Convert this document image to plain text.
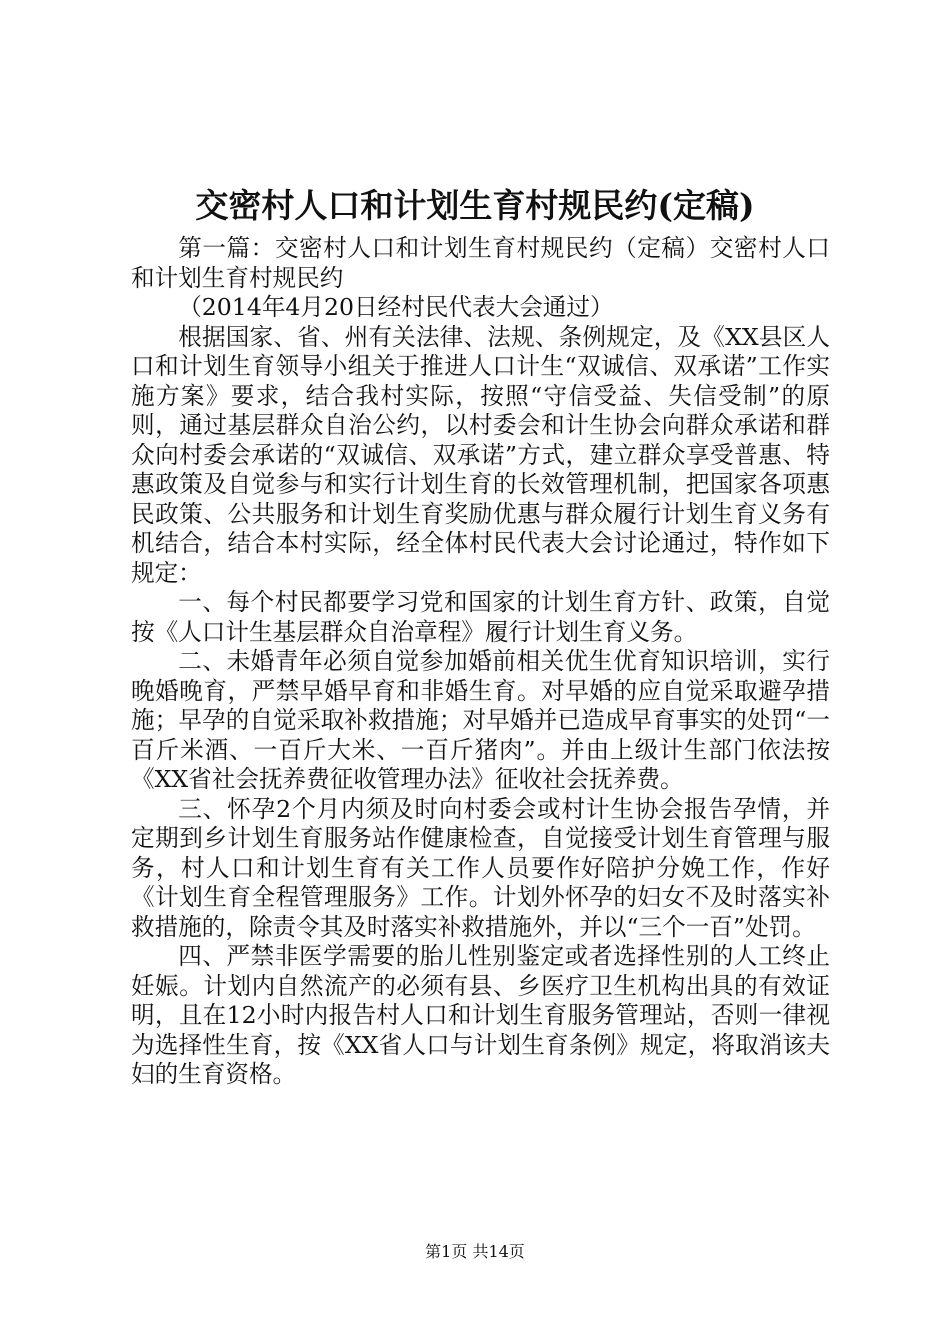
交密村人口和计划生育村规民约(定稿)

第一篇：交密村人口和计划生育村规民约（定稿）交密村人口和计划生育村规民约

（2014年4月20日经村民代表大会通过）

根据国家、省、州有关法律、法规、条例规定，及《XX县区人口和计划生育领导小组关于推进人口计生“双诚信、双承诺”工作实施方案》要求，结合我村实际，按照“守信受益、失信受制”的原则，通过基层群众自治公约，以村委会和计生协会向群众承诺和群众向村委会承诺的“双诚信、双承诺”方式，建立群众享受普惠、特惠政策及自觉参与和实行计划生育的长效管理机制，把国家各项惠民政策、公共服务和计划生育奖励优惠与群众履行计划生育义务有机结合，结合本村实际，经全体村民代表大会讨论通过，特作如下规定：

一、每个村民都要学习党和国家的计划生育方针、政策，自觉按《人口计生基层群众自治章程》履行计划生育义务。

二、未婚青年必须自觉参加婚前相关优生优育知识培训，实行晚婚晚育，严禁早婚早育和非婚生育。对早婚的应自觉采取避孕措施；早孕的自觉采取补救措施；对早婚并已造成早育事实的处罚“一百斤米酒、一百斤大米、一百斤猪肉”。并由上级计生部门依法按《XX省社会抚养费征收管理办法》征收社会抚养费。

三、怀孕2个月内须及时向村委会或村计生协会报告孕情，并定期到乡计划生育服务站作健康检查，自觉接受计划生育管理与服务，村人口和计划生育有关工作人员要作好陪护分娩工作，作好《计划生育全程管理服务》工作。计划外怀孕的妇女不及时落实补救措施的，除责令其及时落实补救措施外，并以“三个一百”处罚。

四、严禁非医学需要的胎儿性别鉴定或者选择性别的人工终止妊娠。计划内自然流产的必须有县、乡医疗卫生机构出具的有效证明，且在12小时内报告村人口和计划生育服务管理站，否则一律视为选择性生育，按《XX省人口与计划生育条例》规定，将取消该夫妇的生育资格。

第1页 共14页
